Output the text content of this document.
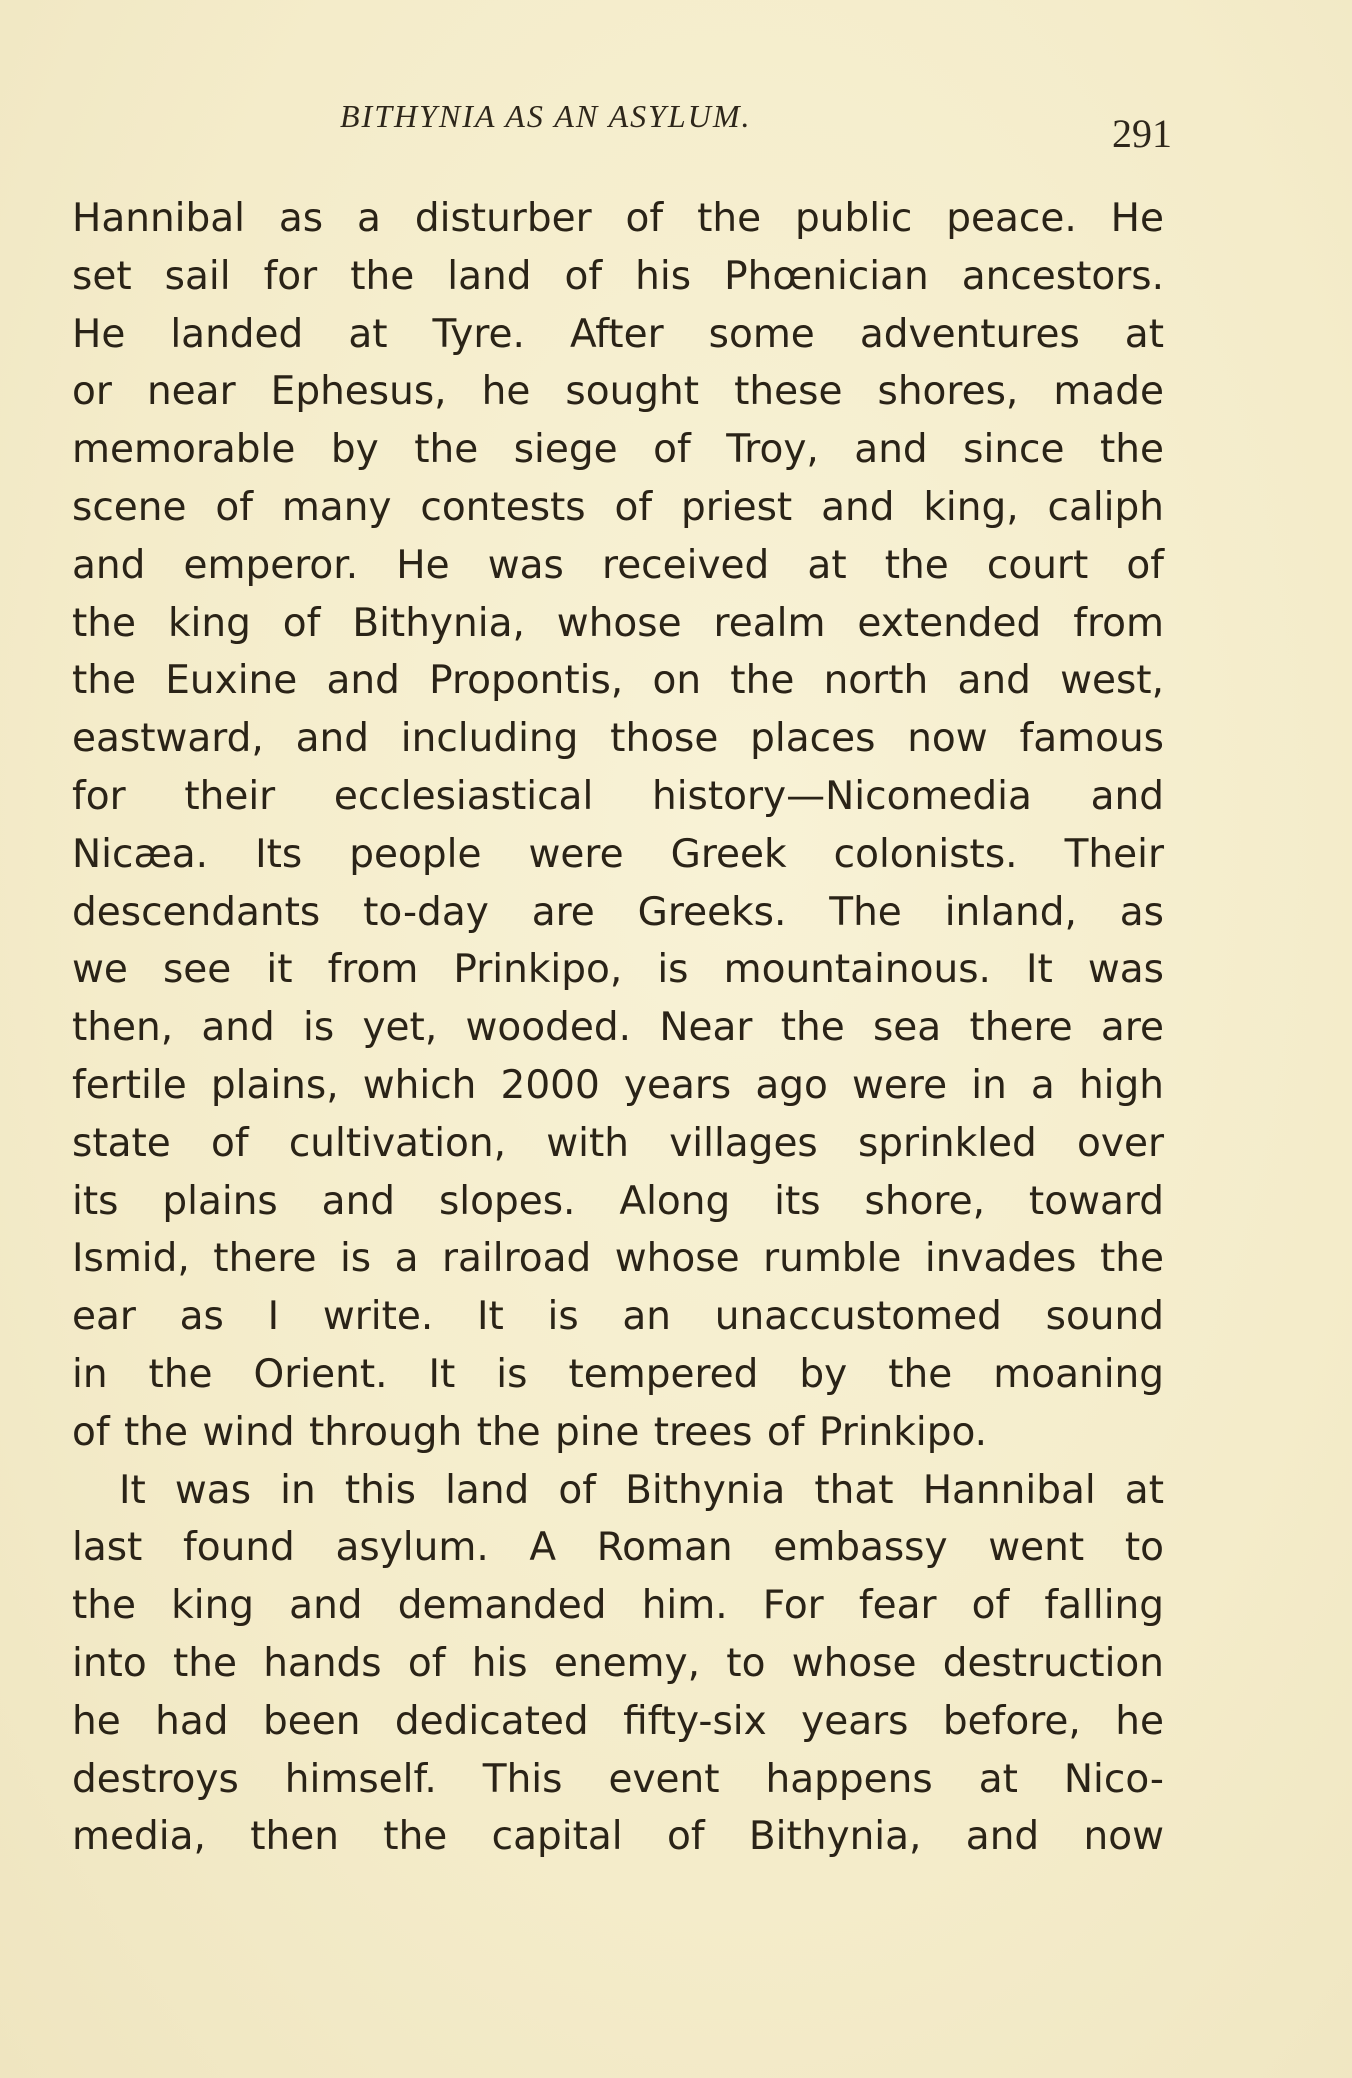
BITHYNIA AS AN ASYLUM.	291
Hannibal as a disturber of the public peace. He
set sail for the land of his Phœnician ancestors.
He landed at Tyre. After some adventures at
or near Ephesus, he sought these shores, made
memorable by the siege of Troy, and since the
scene of many contests of priest and king, caliph
and emperor. He was received at the court of
the king of Bithynia, whose realm extended from
the Euxine and Propontis, on the north and west,
eastward, and including those places now famous
for their ecclesiastical history—Nicomedia and
Nicæa. Its people were Greek colonists. Their
descendants to-day are Greeks. The inland, as
we see it from Prinkipo, is mountainous. It was
then, and is yet, wooded. Near the sea there are
fertile plains, which 2000 years ago were in a high
state of cultivation, with villages sprinkled over
its plains and slopes. Along its shore, toward
Ismid, there is a railroad whose rumble invades the
ear as I write. It is an unaccustomed sound
in the Orient. It is tempered by the moaning
of the wind through the pine trees of Prinkipo.
It was in this land of Bithynia that Hannibal at
last found asylum. A Roman embassy went to
the king and demanded him. For fear of falling
into the hands of his enemy, to whose destruction
he had been dedicated fifty-six years before, he
destroys himself. This event happens at Nico-
media, then the capital of Bithynia, and now
